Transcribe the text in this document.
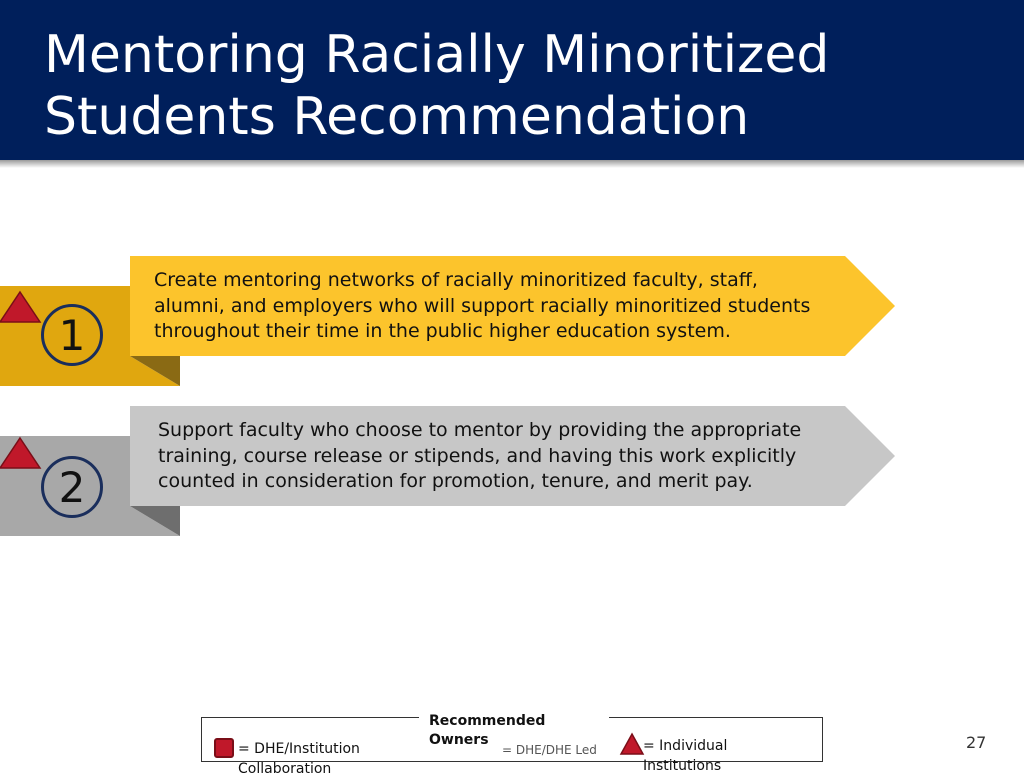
Mentoring Racially Minoritized
Students Recommendation
1

Create mentoring networks of racially minoritized faculty, staff,
alumni, and employers who will support racially minoritized students
throughout their time in the public higher education system.

2

Support faculty who choose to mentor by providing the appropriate
training, course release or stipends, and having this work explicitly
counted in consideration for promotion, tenure, and merit pay.

Recommended
Owners
= DHE/Institution Collaboration
= DHE/DHE Led	= Individual Institutions
27
